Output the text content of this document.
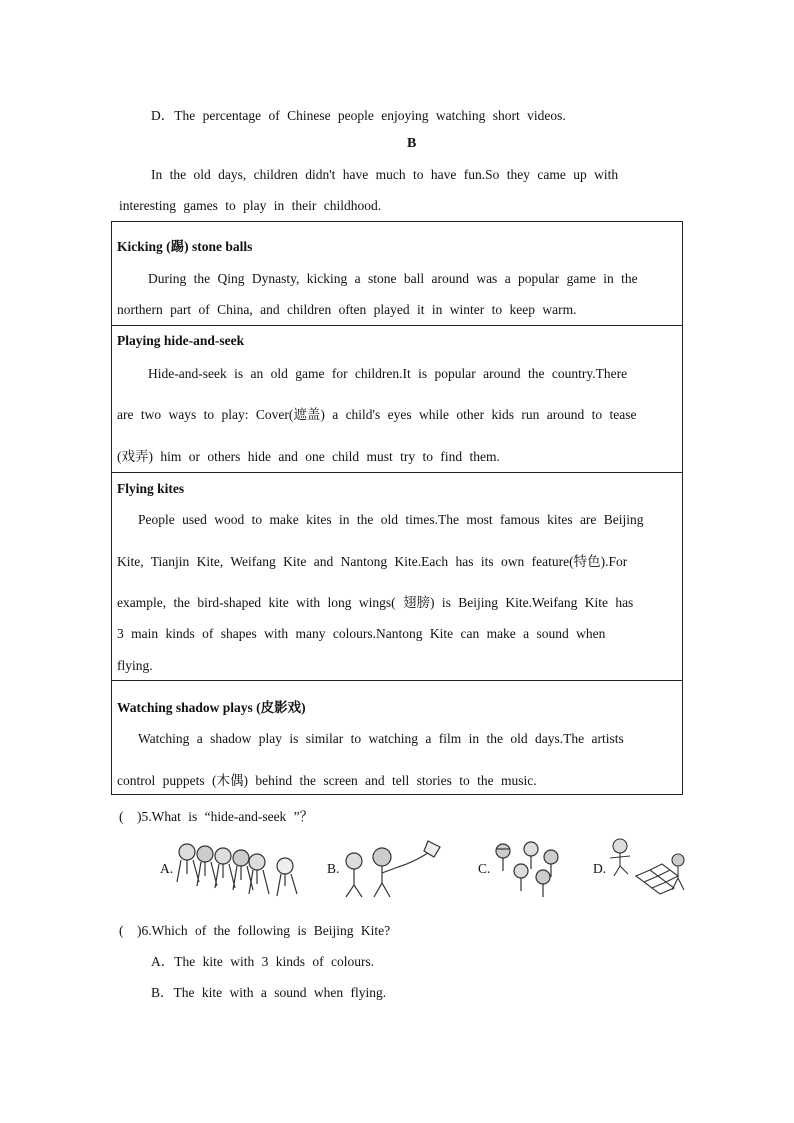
D．The percentage of Chinese people enjoying watching short videos.
B
In the old days, children didn't have much to have fun.So they came up with
interesting games to play in their childhood.
Kicking (踢) stone balls
During the Qing Dynasty, kicking a stone ball around was a popular game in the
northern part of China, and children often played it in winter to keep warm.
Playing hide-and-seek
Hide-and-seek is an old game for children.It is popular around the country.There
are two ways to play: Cover(遮盖) a child's eyes while other kids run around to tease
(戏弄) him or others hide and one child must try to find them.
Flying kites
People used wood to make kites in the old times.The most famous kites are Beijing
Kite, Tianjin Kite, Weifang Kite and Nantong Kite.Each has its own feature(特色).For
example, the bird-shaped kite with long wings( 翅膀) is Beijing Kite.Weifang Kite has
3 main kinds of shapes with many colours.Nantong Kite can make a sound when
flying.
Watching shadow plays (皮影戏)
Watching a shadow play is similar to watching a film in the old days.The artists
control puppets (木偶) behind the screen and tell stories to the music.
(　)5.What is “hide-and-seek ”？
A.	B.	C.	D.
(　)6.Which of the following is Beijing Kite?
A．The kite with 3 kinds of colours.
B．The kite with a sound when flying.
